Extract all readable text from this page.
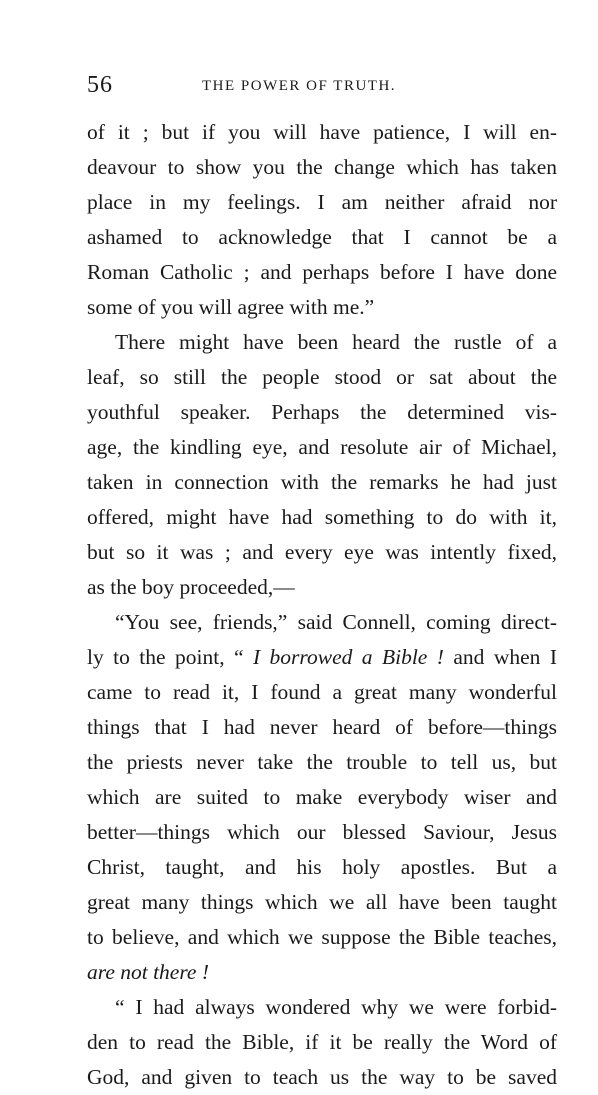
56	THE POWER OF TRUTH.
of it ; but if you will have patience, I will en-
deavour to show you the change which has taken
place in my feelings. I am neither afraid nor
ashamed to acknowledge that I cannot be a
Roman Catholic ; and perhaps before I have done
some of you will agree with me.”
There might have been heard the rustle of a
leaf, so still the people stood or sat about the
youthful speaker. Perhaps the determined vis-
age, the kindling eye, and resolute air of Michael,
taken in connection with the remarks he had just
offered, might have had something to do with it,
but so it was ; and every eye was intently fixed,
as the boy proceeded,—
“You see, friends,” said Connell, coming direct-
ly to the point, “ I borrowed a Bible ! and when I
came to read it, I found a great many wonderful
things that I had never heard of before—things
the priests never take the trouble to tell us, but
which are suited to make everybody wiser and
better—things which our blessed Saviour, Jesus
Christ, taught, and his holy apostles. But a
great many things which we all have been taught
to believe, and which we suppose the Bible teaches,
are not there !
“ I had always wondered why we were forbid-
den to read the Bible, if it be really the Word of
God, and given to teach us the way to be saved
